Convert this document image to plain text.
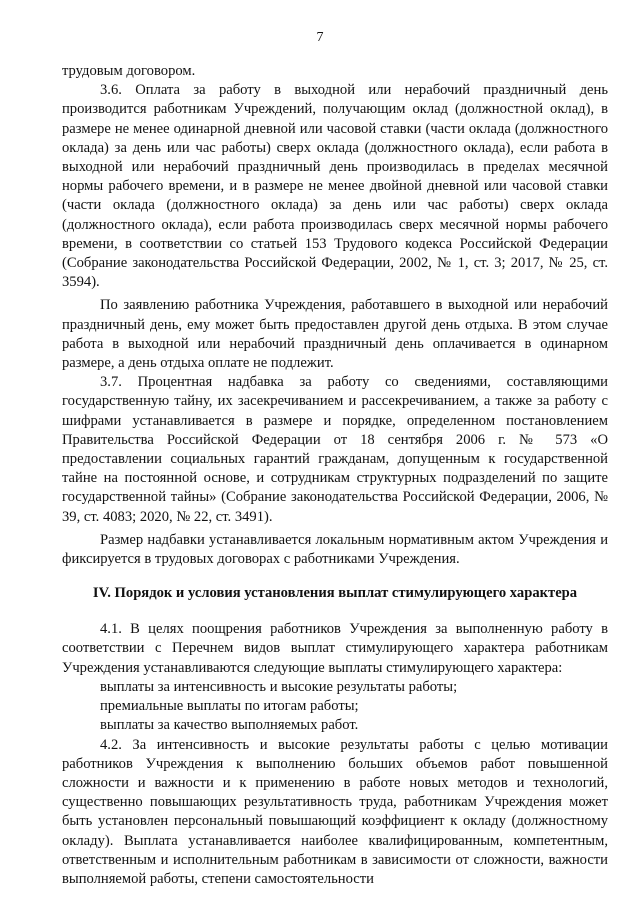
7

трудовым договором.

3.6. Оплата за работу в выходной или нерабочий праздничный день производится работникам Учреждений, получающим оклад (должностной оклад), в размере не менее одинарной дневной или часовой ставки (части оклада (должностного оклада) за день или час работы) сверх оклада (должностного оклада), если работа в выходной или нерабочий праздничный день производилась в пределах месячной нормы рабочего времени, и в размере не менее двойной дневной или часовой ставки (части оклада (должностного оклада) за день или час работы) сверх оклада (должностного оклада), если работа производилась сверх месячной нормы рабочего времени, в соответствии со статьей 153 Трудового кодекса Российской Федерации (Собрание законодательства Российской Федерации, 2002, № 1, ст. 3; 2017, № 25, ст. 3594).

По заявлению работника Учреждения, работавшего в выходной или нерабочий праздничный день, ему может быть предоставлен другой день отдыха. В этом случае работа в выходной или нерабочий праздничный день оплачивается в одинарном размере, а день отдыха оплате не подлежит.

3.7. Процентная надбавка за работу со сведениями, составляющими государственную тайну, их засекречиванием и рассекречиванием, а также за работу с шифрами устанавливается в размере и порядке, определенном постановлением Правительства Российской Федерации от 18 сентября 2006 г. № 573 «О предоставлении социальных гарантий гражданам, допущенным к государственной тайне на постоянной основе, и сотрудникам структурных подразделений по защите государственной тайны» (Собрание законодательства Российской Федерации, 2006, № 39, ст. 4083; 2020, № 22, ст. 3491).

Размер надбавки устанавливается локальным нормативным актом Учреждения и фиксируется в трудовых договорах с работниками Учреждения.

IV. Порядок и условия установления выплат стимулирующего характера

4.1. В целях поощрения работников Учреждения за выполненную работу в соответствии с Перечнем видов выплат стимулирующего характера работникам Учреждения устанавливаются следующие выплаты стимулирующего характера:

выплаты за интенсивность и высокие результаты работы;
премиальные выплаты по итогам работы;
выплаты за качество выполняемых работ.

4.2. За интенсивность и высокие результаты работы с целью мотивации работников Учреждения к выполнению больших объемов работ повышенной сложности и важности и к применению в работе новых методов и технологий, существенно повышающих результативность труда, работникам Учреждения может быть установлен персональный повышающий коэффициент к окладу (должностному окладу). Выплата устанавливается наиболее квалифицированным, компетентным, ответственным и исполнительным работникам в зависимости от сложности, важности выполняемой работы, степени самостоятельности
